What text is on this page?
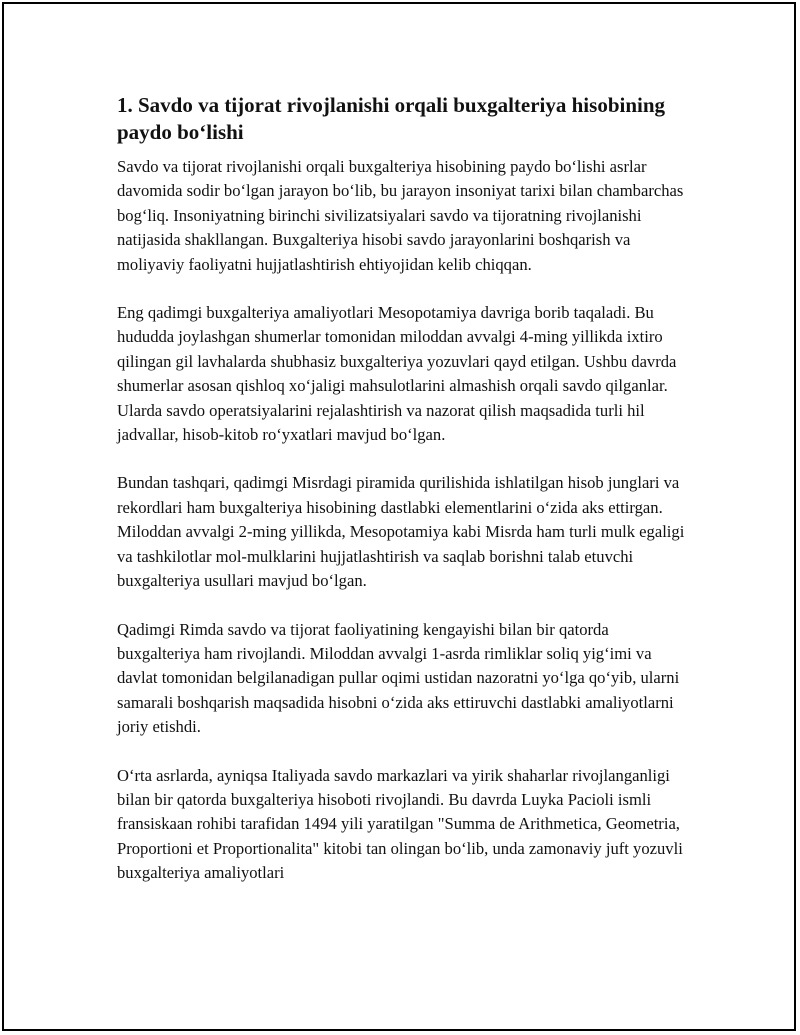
1. Savdo va tijorat rivojlanishi orqali buxgalteriya hisobining paydo bo‘lishi

Savdo va tijorat rivojlanishi orqali buxgalteriya hisobining paydo bo‘lishi asrlar davomida sodir bo‘lgan jarayon bo‘lib, bu jarayon insoniyat tarixi bilan chambarchas bog‘liq. Insoniyatning birinchi sivilizatsiyalari savdo va tijoratning rivojlanishi natijasida shakllangan. Buxgalteriya hisobi savdo jarayonlarini boshqarish va moliyaviy faoliyatni hujjatlashtirish ehtiyojidan kelib chiqqan.

Eng qadimgi buxgalteriya amaliyotlari Mesopotamiya davriga borib taqaladi. Bu hududda joylashgan shumerlar tomonidan miloddan avvalgi 4-ming yillikda ixtiro qilingan gil lavhalarda shubhasiz buxgalteriya yozuvlari qayd etilgan. Ushbu davrda shumerlar asosan qishloq xo‘jaligi mahsulotlarini almashish orqali savdo qilganlar. Ularda savdo operatsiyalarini rejalashtirish va nazorat qilish maqsadida turli hil jadvallar, hisob-kitob ro‘yxatlari mavjud bo‘lgan.

Bundan tashqari, qadimgi Misrdagi piramida qurilishida ishlatilgan hisob junglari va rekordlari ham buxgalteriya hisobining dastlabki elementlarini o‘zida aks ettirgan. Miloddan avvalgi 2-ming yillikda, Mesopotamiya kabi Misrda ham turli mulk egaligi va tashkilotlar mol-mulklarini hujjatlashtirish va saqlab borishni talab etuvchi buxgalteriya usullari mavjud bo‘lgan.

Qadimgi Rimda savdo va tijorat faoliyatining kengayishi bilan bir qatorda buxgalteriya ham rivojlandi. Miloddan avvalgi 1-asrda rimliklar soliq yig‘imi va davlat tomonidan belgilanadigan pullar oqimi ustidan nazoratni yo‘lga qo‘yib, ularni samarali boshqarish maqsadida hisobni o‘zida aks ettiruvchi dastlabki amaliyotlarni joriy etishdi.

O‘rta asrlarda, ayniqsa Italiyada savdo markazlari va yirik shaharlar rivojlanganligi bilan bir qatorda buxgalteriya hisoboti rivojlandi. Bu davrda Luyka Pacioli ismli fransiskaan rohibi tarafidan 1494 yili yaratilgan "Summa de Arithmetica, Geometria, Proportioni et Proportionalita" kitobi tan olingan bo‘lib, unda zamonaviy juft yozuvli buxgalteriya amaliyotlari
